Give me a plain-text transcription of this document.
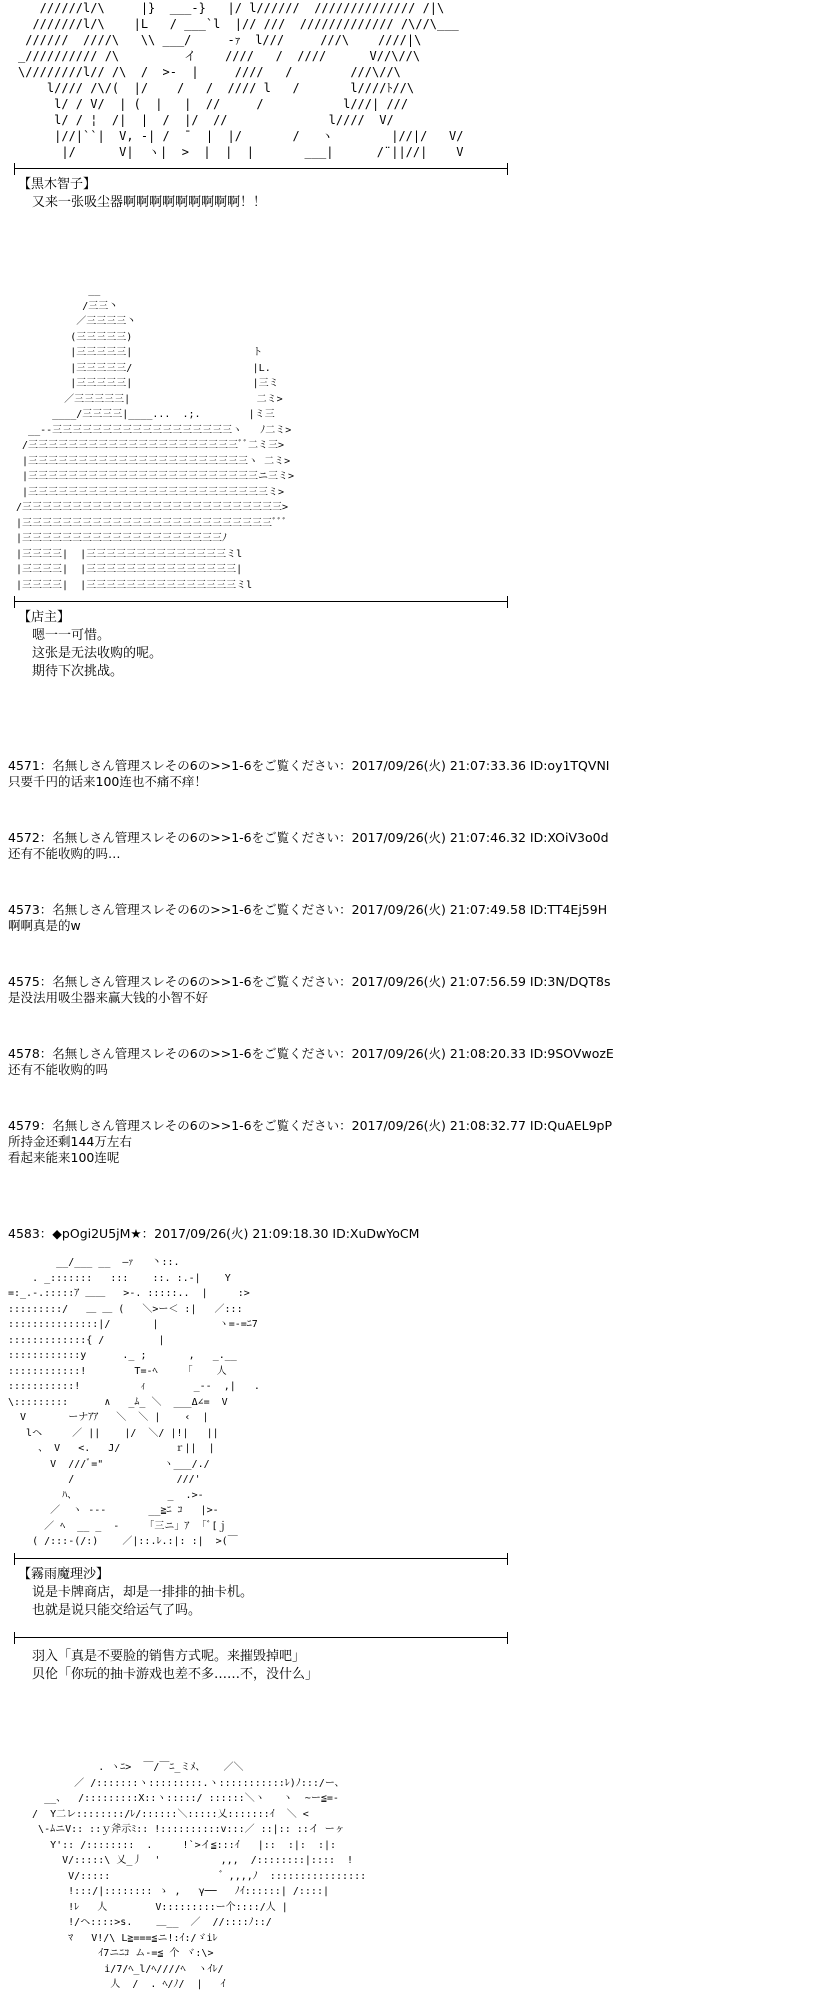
//////l/\     |}  ___-}   |/ l//////  ////////////// /|\
///////l/\    |L   / ___`l  |// ///  ///////////// /\//\___
//////  ////\   \\ ___/     -ｧ  l///     ///\    ////|\
_////////// /\         イ    ////   /  ////      V//\//\
\////////l// /\  /  >-  |     ////   /        ///\//\
l//// /\/(  |/    /   /  //// l   /       l////ﾄ//\
l/ / V/  | (  |   |  //     /           l///| ///
l/ / ¦  /|  |  /  |/  //              l////  V/
|//|``|  V, -| /  ̄   |  |/       /   ヽ        |//|/   V/
|/      V|  ヽ|  >  |  |  |       ___|      /¨||//|    V
【黒木智子】
又来一张吸尘器啊啊啊啊啊啊啊啊啊！！
__
/三三丶
／三三三三丶
(三三三三三)
|三三三三三|                    ト
|三三三三三/                    |L.
|三三三三三|                    |三ミ
／三三三三三|                     二ミ>
____/三三三三|____...  .;.        |ミ三
__--三三三三三三三三三三三三三三三三三三ヽ   ﾉ二ミ>
/三三三三三三三三三三三三三三三三三三三三三ﾞﾞ二ミ三>
|三三三三三三三三三三三三三三三三三三三三三三ヽ 二ミ>
|三三三三三三三三三三三三三三三三三三三三三三三ニ三ミ>
|三三三三三三三三三三三三三三三三三三三三三三三三ミ>
/三三三三三三三三三三三三三三三三三三三三三三三三三三>
|三三三三三三三三三三三三三三三三三三三三三三三三三ﾞﾞﾞ
|三三三三三三三三三三三三三三三三三三三三ﾉ
|三三三三|  |三三三三三三三三三三三三三三ミl
|三三三三|  |三三三三三三三三三三三三三三三|
|三三三三|  |三三三三三三三三三三三三三三三ミl
【店主】
嗯一一可惜。
这张是无法收购的呢。
期待下次挑战。
4571：名無しさん管理スレその6の>>1-6をご覧ください：2017/09/26(火) 21:07:33.36 ID:oy1TQVNI
只要千円的话来100连也不痛不痒！
4572：名無しさん管理スレその6の>>1-6をご覧ください：2017/09/26(火) 21:07:46.32 ID:XOiV3o0d
还有不能收购的吗…
4573：名無しさん管理スレその6の>>1-6をご覧ください：2017/09/26(火) 21:07:49.58 ID:TT4Ej59H
啊啊真是的w
4575：名無しさん管理スレその6の>>1-6をご覧ください：2017/09/26(火) 21:07:56.59 ID:3N/DQT8s
是没法用吸尘器来赢大钱的小智不好
4578：名無しさん管理スレその6の>>1-6をご覧ください：2017/09/26(火) 21:08:20.33 ID:9SOVwozE
还有不能收购的吗
4579：名無しさん管理スレその6の>>1-6をご覧ください：2017/09/26(火) 21:08:32.77 ID:QuAEL9pP
所持金还剩144万左右
看起来能来100连呢
4583：◆pOgi2U5jM★：2017/09/26(火) 21:09:18.30 ID:XuDwYoCM
__/___ __  ―ｧ   丶::.
. _:::::::   :::    ::. :.-|    Y
=:_.-.:::::ｱ ＿＿   >-. :::::..  |     :>
:::::::::/   ＿ ＿ (   ＼>ー＜ :|   ／:::
:::::::::::::::|/       |          ヽ=-=ﾆ7
:::::::::::::{ /         |
::::::::::::y      ._ ;       ,   _.__
::::::::::::!        T=-ﾍ     ｢    人
:::::::::::!          ｨ        _--  ,|   .
\:::::::::      ∧   _ﾑ_ ＼  ___Δ∠=  V
V       ーナｱｱ   ＼  ＼ |    ‹  |
lヘ     ／ ||    |/  ＼/ |!|   ||
、 V   <.   J/         ｒ||  |
V  ///ﾞ="          ヽ___/./
/                 ///'
ﾊ、               _  .>-
／  ヽ ---       __≧ﾆ ｺ   |>-
／ ﾍ  __ _  -     ｢三ニ」ｱ  ｢ﾞ[ｊ
( /:::-(/:)    ／|::.ﾚ.:|: :|  >(￣
【霧雨魔理沙】
说是卡牌商店，却是一排排的抽卡机。
也就是说只能交给运气了吗。
羽入「真是不要脸的销售方式呢。来摧毁掉吧」
贝伦「你玩的抽卡游戏也差不多……不，没什么」
. ヽﾆ>  ￣/￣ﾆ_ミﾒ、   ／＼
／ /:::::::ヽ:::::::::.ヽ:::::::::::ﾚ)ﾉ:::/ー、
__、  /:::::::::X::ヽ:::::/ ::::::＼ヽ   ヽ  ~ー≦=-
/  Y二レ::::::::/ﾚ/::::::＼:::::乂:::::::ｲ  ＼ <
\-ﾑニV:: ::ｙ斧示ﾐ:: !::::::::::v:::／ ::|:: ::イ ーヶ
Y':: /::::::::  .     !`>イ≦:::ｲ   |::  :|:  :|:
V/:::::\ 乂_丿  '          ,,,  /::::::::|::::  !
V/:::::                  ゛,,,,ﾉ  ::::::::::::::::
!:::/|:::::::: ゝ ,   γ──   ﾉｲ::::::| /::::|
!ﾚ   人        V:::::::::ー个::::/人 |
!/ヘ::::>s.    ＿__  ／  //::::ﾉ::/
ﾏ   V!/\ L≧===≦ニ!:ｲ:/ゞiﾚ
ｲ7ニﾆｺ ム-=≦ 个 ヾ:\>
i/7/ﾍ_l/ﾍ////ﾍ  ヽｲﾚ/
人  /  . ﾍ/ﾉ/  |   ｲ
